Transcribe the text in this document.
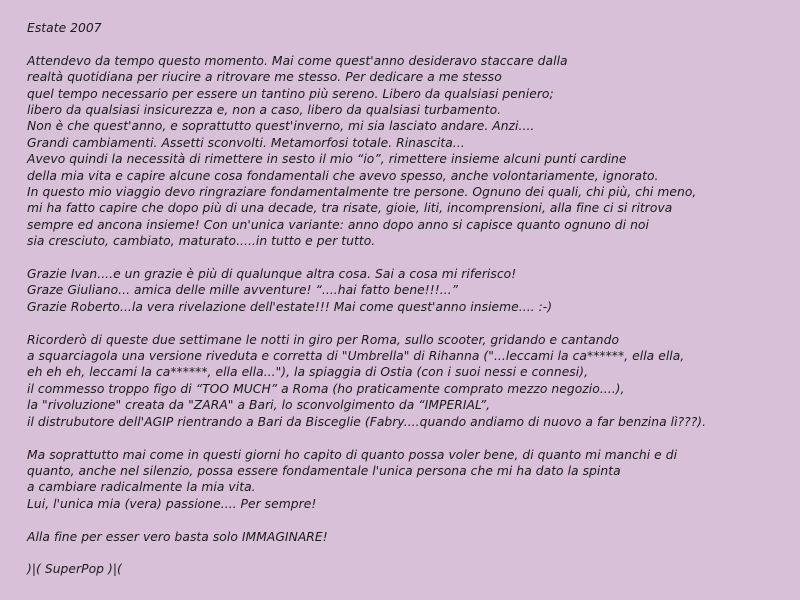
Estate 2007
Attendevo da tempo questo momento. Mai come quest'anno desideravo staccare dalla
realtà quotidiana per riucire a ritrovare me stesso. Per dedicare a me stesso
quel tempo necessario per essere un tantino più sereno. Libero da qualsiasi peniero;
libero da qualsiasi insicurezza e, non a caso, libero da qualsiasi turbamento.
Non è che quest'anno, e soprattutto quest'inverno, mi sia lasciato andare. Anzi....
Grandi cambiamenti. Assetti sconvolti. Metamorfosi totale. Rinascita...
Avevo quindi la necessità di rimettere in sesto il mio “io”, rimettere insieme alcuni punti cardine
della mia vita e capire alcune cosa fondamentali che avevo spesso, anche volontariamente, ignorato.
In questo mio viaggio devo ringraziare fondamentalmente tre persone. Ognuno dei quali, chi più, chi meno,
mi ha fatto capire che dopo più di una decade, tra risate, gioie, liti, incomprensioni, alla fine ci si ritrova
sempre ed ancona insieme! Con un'unica variante: anno dopo anno si capisce quanto ognuno di noi
sia cresciuto, cambiato, maturato.....in tutto e per tutto.
Grazie Ivan....e un grazie è più di qualunque altra cosa. Sai a cosa mi riferisco!
Graze Giuliano... amica delle mille avventure! “....hai fatto bene!!!...”
Grazie Roberto...la vera rivelazione dell'estate!!! Mai come quest'anno insieme.... :-)
Ricorderò di queste due settimane le notti in giro per Roma, sullo scooter, gridando e cantando
a squarciagola una versione riveduta e corretta di "Umbrella" di Rihanna ("...leccami la ca******, ella ella,
eh eh eh, leccami la ca******, ella ella..."), la spiaggia di Ostia (con i suoi nessi e connesi),
il commesso troppo figo di “TOO MUCH” a Roma (ho praticamente comprato mezzo negozio....),
la "rivoluzione" creata da "ZARA" a Bari, lo sconvolgimento da “IMPERIAL”,
il distrubutore dell'AGIP rientrando a Bari da Bisceglie (Fabry....quando andiamo di nuovo a far benzina lì???).
Ma soprattutto mai come in questi giorni ho capito di quanto possa voler bene, di quanto mi manchi e di
quanto, anche nel silenzio, possa essere fondamentale l'unica persona che mi ha dato la spinta
a cambiare radicalmente la mia vita.
Lui, l'unica mia (vera) passione.... Per sempre!
Alla fine per esser vero basta solo IMMAGINARE!
)|( SuperPop )|(
